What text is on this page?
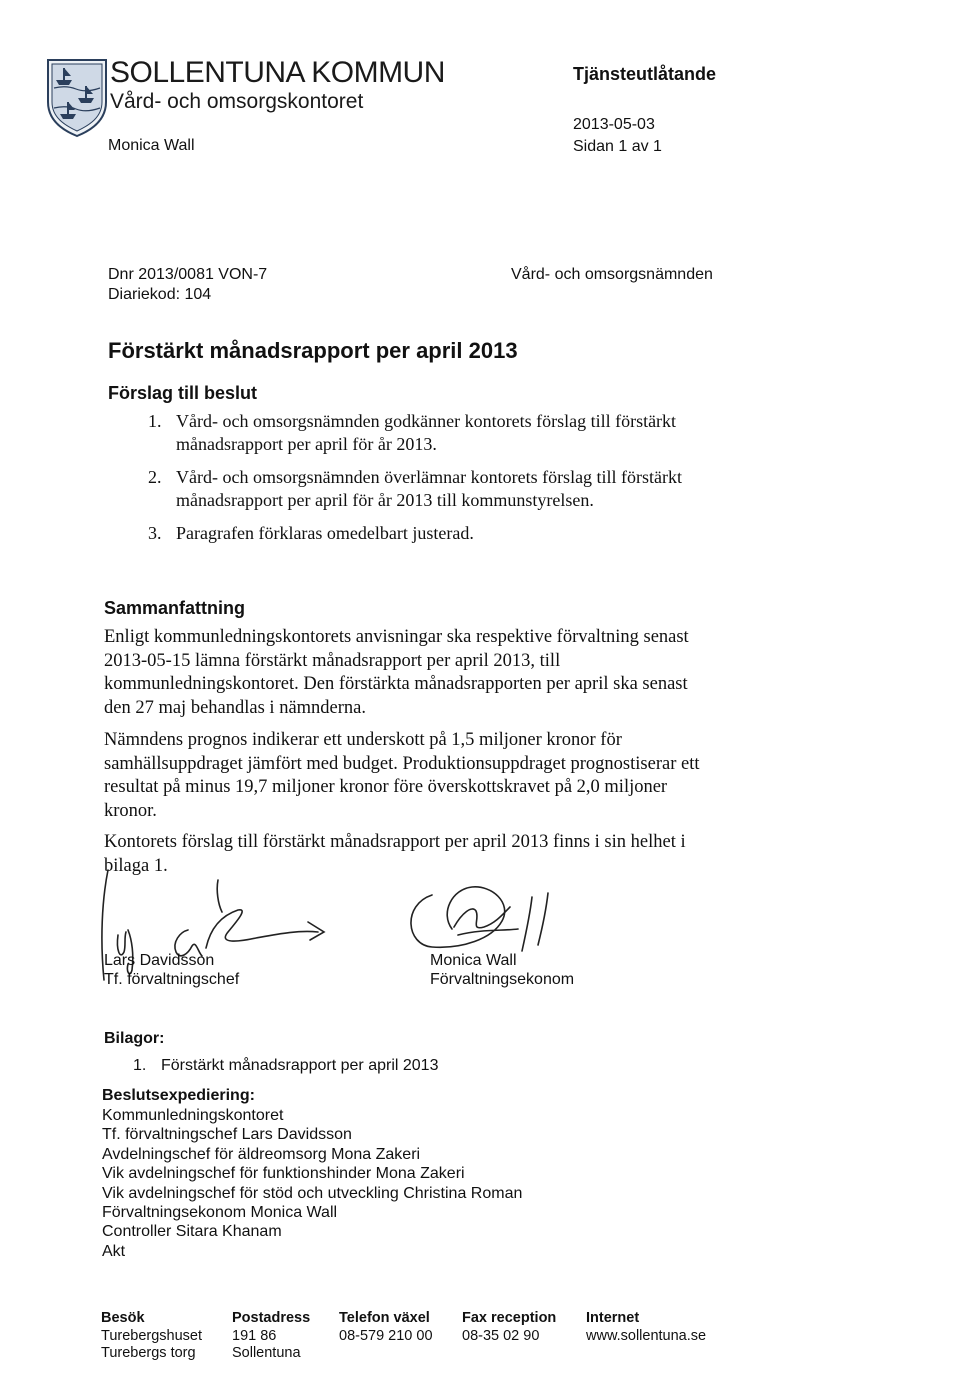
SOLLENTUNA KOMMUN
Vård- och omsorgskontoret
Monica Wall
Tjänsteutlåtande
2013-05-03
Sidan 1 av 1
Dnr 2013/0081 VON-7
Diariekod: 104
Vård- och omsorgsnämnden
Förstärkt månadsrapport per april 2013
Förslag till beslut
1. Vård- och omsorgsnämnden godkänner kontorets förslag till förstärkt månadsrapport per april för år 2013.
2. Vård- och omsorgsnämnden överlämnar kontorets förslag till förstärkt månadsrapport per april för år 2013 till kommunstyrelsen.
3. Paragrafen förklaras omedelbart justerad.
Sammanfattning

Enligt kommunledningskontorets anvisningar ska respektive förvaltning senast 2013-05-15 lämna förstärkt månadsrapport per april 2013, till kommunledningskontoret. Den förstärkta månadsrapporten per april ska senast den 27 maj behandlas i nämnderna.

Nämndens prognos indikerar ett underskott på 1,5 miljoner kronor för samhällsuppdraget jämfört med budget. Produktionsuppdraget prognostiserar ett resultat på minus 19,7 miljoner kronor före överskottskravet på 2,0 miljoner kronor.

Kontorets förslag till förstärkt månadsrapport per april 2013 finns i sin helhet i bilaga 1.

Lars Davidsson
Tf. förvaltningschef
Monica Wall
Förvaltningsekonom
Bilagor:
1. Förstärkt månadsrapport per april 2013
Beslutsexpediering:
Kommunledningskontoret
Tf. förvaltningschef Lars Davidsson
Avdelningschef för äldreomsorg Mona Zakeri
Vik avdelningschef för funktionshinder Mona Zakeri
Vik avdelningschef för stöd och utveckling Christina Roman
Förvaltningsekonom Monica Wall
Controller Sitara Khanam
Akt
Besök
Turebergshuset
Turebergs torg
Postadress
191 86
Sollentuna
Telefon växel
08-579 210 00
Fax reception
08-35 02 90
Internet
www.sollentuna.se
